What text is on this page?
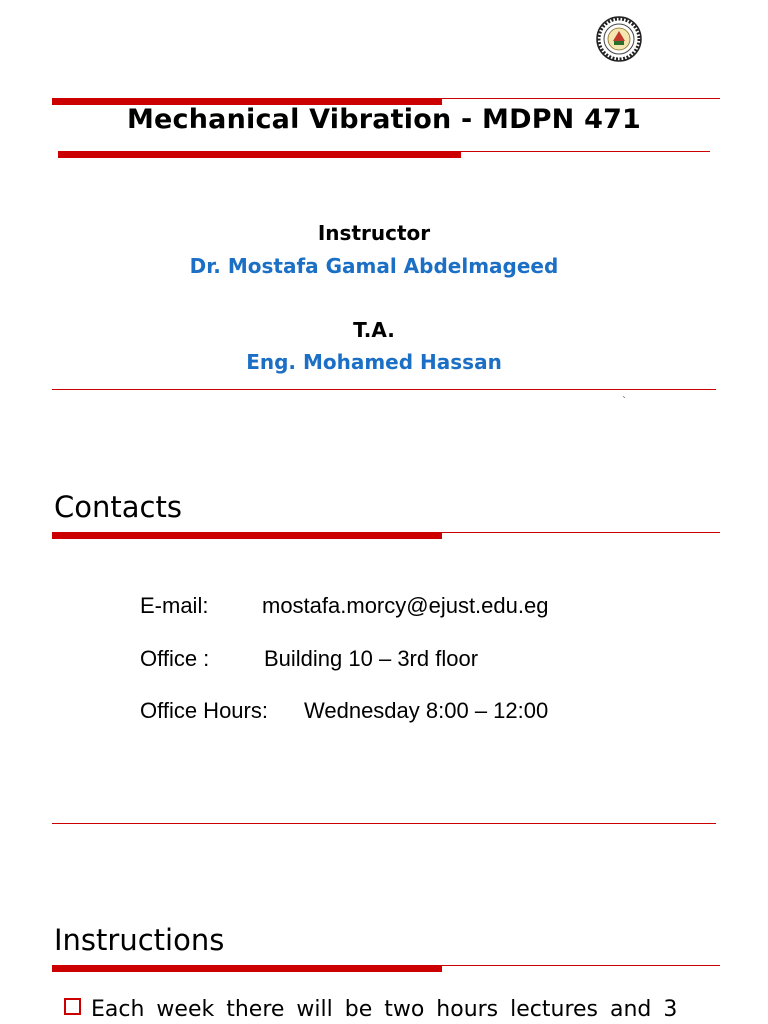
Mechanical Vibration - MDPN 471
Instructor
Dr. Mostafa Gamal Abdelmageed
T.A.
Eng. Mohamed Hassan
`
Contacts
E-mail: mostafa.morcy@ejust.edu.eg
Office : Building 10 – 3rd floor
Office Hours: Wednesday 8:00 – 12:00
Instructions
Each week there will be two hours lectures and 3
